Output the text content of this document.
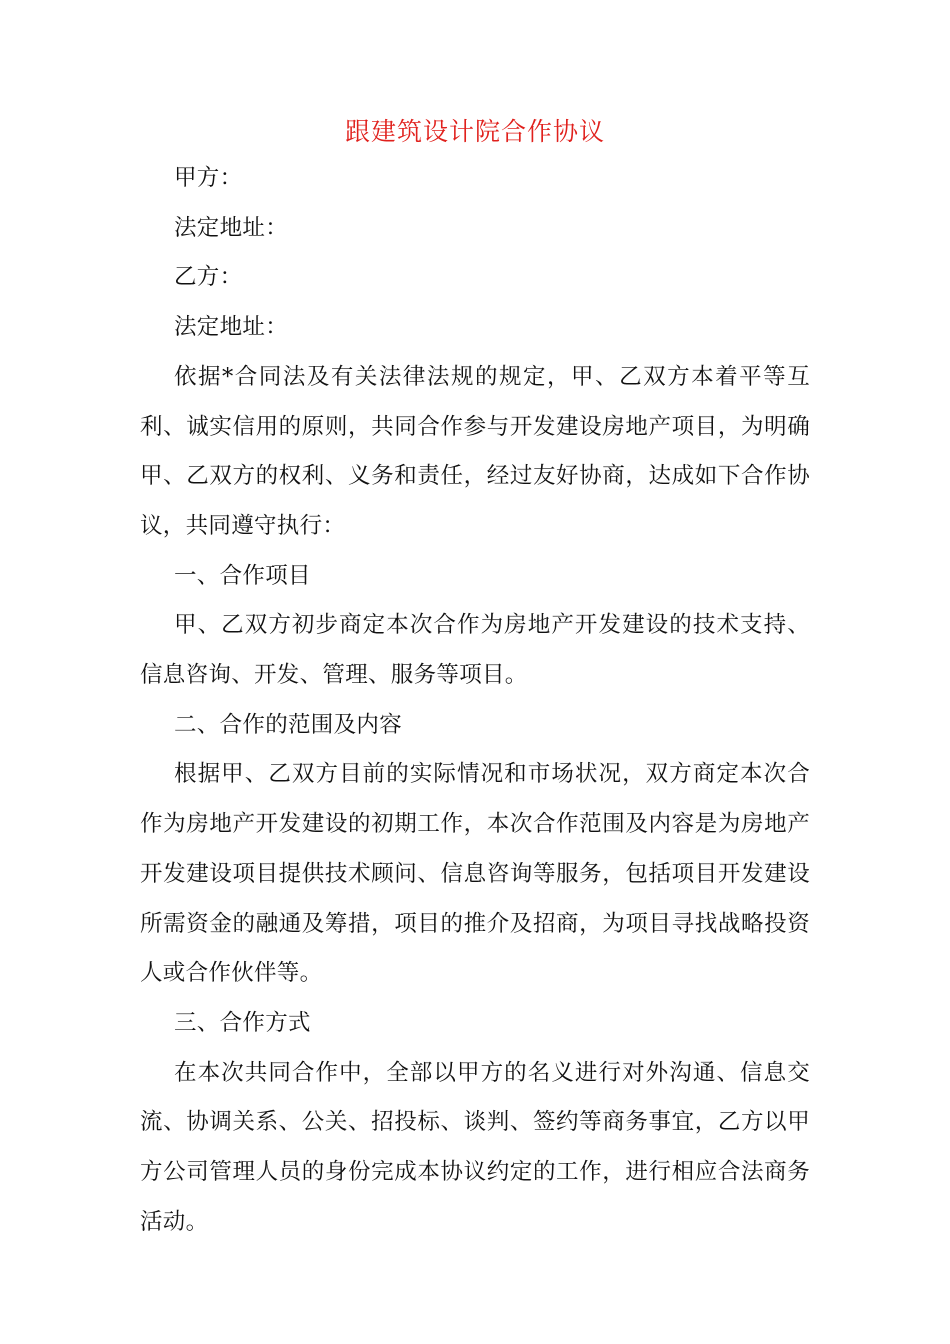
跟建筑设计院合作协议

甲方：

法定地址：

乙方：

法定地址：

依据*合同法及有关法律法规的规定，甲、乙双方本着平等互利、诚实信用的原则，共同合作参与开发建设房地产项目，为明确甲、乙双方的权利、义务和责任，经过友好协商，达成如下合作协议，共同遵守执行：

一、合作项目

甲、乙双方初步商定本次合作为房地产开发建设的技术支持、信息咨询、开发、管理、服务等项目。

二、合作的范围及内容

根据甲、乙双方目前的实际情况和市场状况，双方商定本次合作为房地产开发建设的初期工作，本次合作范围及内容是为房地产开发建设项目提供技术顾问、信息咨询等服务，包括项目开发建设所需资金的融通及筹措，项目的推介及招商，为项目寻找战略投资人或合作伙伴等。

三、合作方式

在本次共同合作中，全部以甲方的名义进行对外沟通、信息交流、协调关系、公关、招投标、谈判、签约等商务事宜，乙方以甲方公司管理人员的身份完成本协议约定的工作，进行相应合法商务活动。
